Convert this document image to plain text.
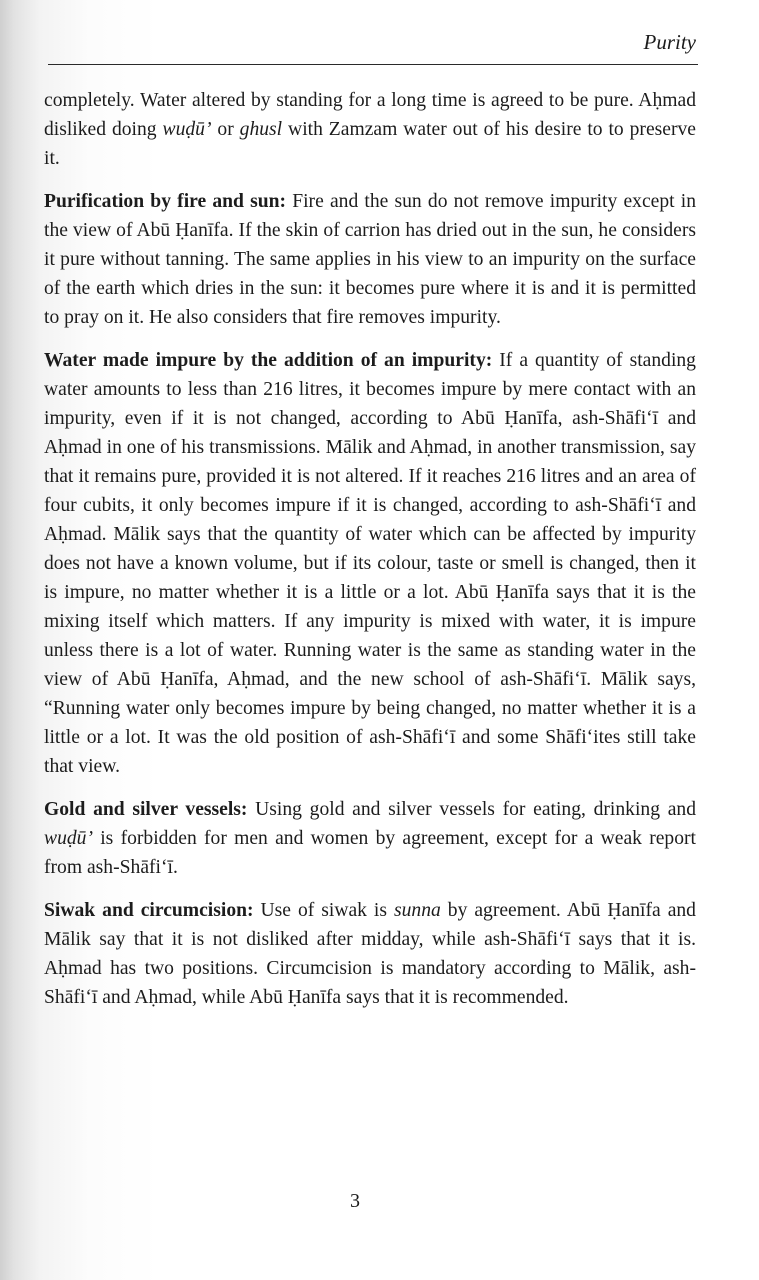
Purity

completely. Water altered by standing for a long time is agreed to be pure. Aḥmad disliked doing wuḍū’ or ghusl with Zamzam water out of his desire to to preserve it.

Purification by fire and sun: Fire and the sun do not remove impurity except in the view of Abū Ḥanīfa. If the skin of carrion has dried out in the sun, he considers it pure without tanning. The same applies in his view to an impurity on the surface of the earth which dries in the sun: it becomes pure where it is and it is permitted to pray on it. He also considers that fire removes impurity.

Water made impure by the addition of an impurity: If a quantity of standing water amounts to less than 216 litres, it becomes impure by mere contact with an impurity, even if it is not changed, according to Abū Ḥanīfa, ash-Shāfi‘ī and Aḥmad in one of his transmissions. Mālik and Aḥmad, in another transmission, say that it remains pure, provided it is not altered. If it reaches 216 litres and an area of four cubits, it only becomes impure if it is changed, according to ash-Shāfi‘ī and Aḥmad. Mālik says that the quantity of water which can be affected by impurity does not have a known volume, but if its colour, taste or smell is changed, then it is impure, no matter whether it is a little or a lot. Abū Ḥanīfa says that it is the mixing itself which matters. If any impurity is mixed with water, it is impure unless there is a lot of water. Running water is the same as standing water in the view of Abū Ḥanīfa, Aḥmad, and the new school of ash-Shāfi‘ī. Mālik says, “Running water only becomes impure by being changed, no matter whether it is a little or a lot. It was the old position of ash-Shāfi‘ī and some Shāfi‘ites still take that view.

Gold and silver vessels: Using gold and silver vessels for eating, drinking and wuḍū’ is forbidden for men and women by agreement, except for a weak report from ash-Shāfi‘ī.

Siwak and circumcision: Use of siwak is sunna by agreement. Abū Ḥanīfa and Mālik say that it is not disliked after midday, while ash-Shāfi‘ī says that it is. Aḥmad has two positions. Circumcision is mandatory according to Mālik, ash-Shāfi‘ī and Aḥmad, while Abū Ḥanīfa says that it is recommended.

3
